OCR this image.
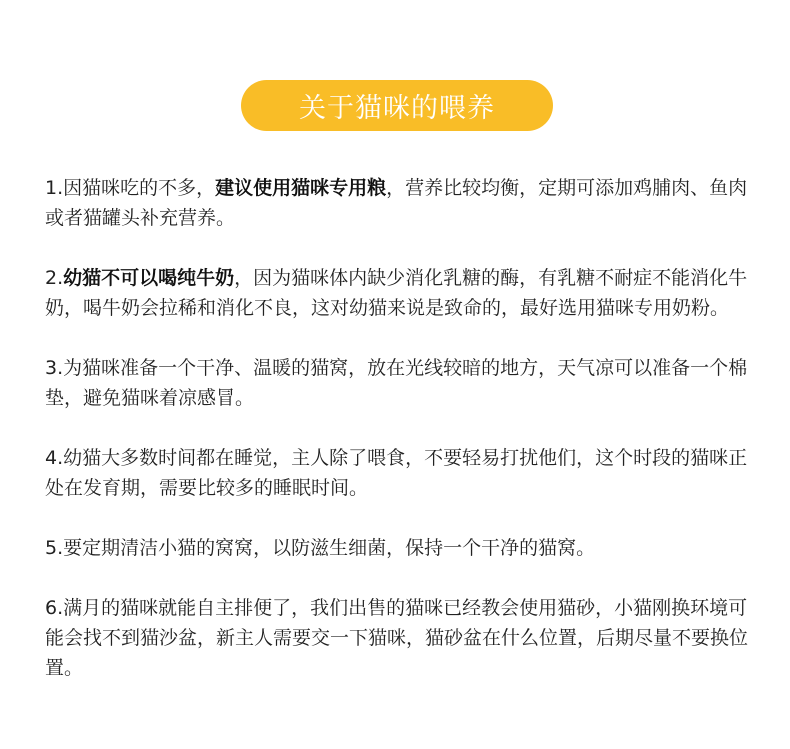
关于猫咪的喂养

1.因猫咪吃的不多，建议使用猫咪专用粮，营养比较均衡，定期可添加鸡脯肉、鱼肉或者猫罐头补充营养。

2.幼猫不可以喝纯牛奶，因为猫咪体内缺少消化乳糖的酶，有乳糖不耐症不能消化牛奶，喝牛奶会拉稀和消化不良，这对幼猫来说是致命的，最好选用猫咪专用奶粉。

3.为猫咪准备一个干净、温暖的猫窝，放在光线较暗的地方，天气凉可以准备一个棉垫，避免猫咪着凉感冒。

4.幼猫大多数时间都在睡觉，主人除了喂食，不要轻易打扰他们，这个时段的猫咪正处在发育期，需要比较多的睡眠时间。

5.要定期清洁小猫的窝窝，以防滋生细菌，保持一个干净的猫窝。

6.满月的猫咪就能自主排便了，我们出售的猫咪已经教会使用猫砂，小猫刚换环境可能会找不到猫沙盆，新主人需要交一下猫咪，猫砂盆在什么位置，后期尽量不要换位置。
